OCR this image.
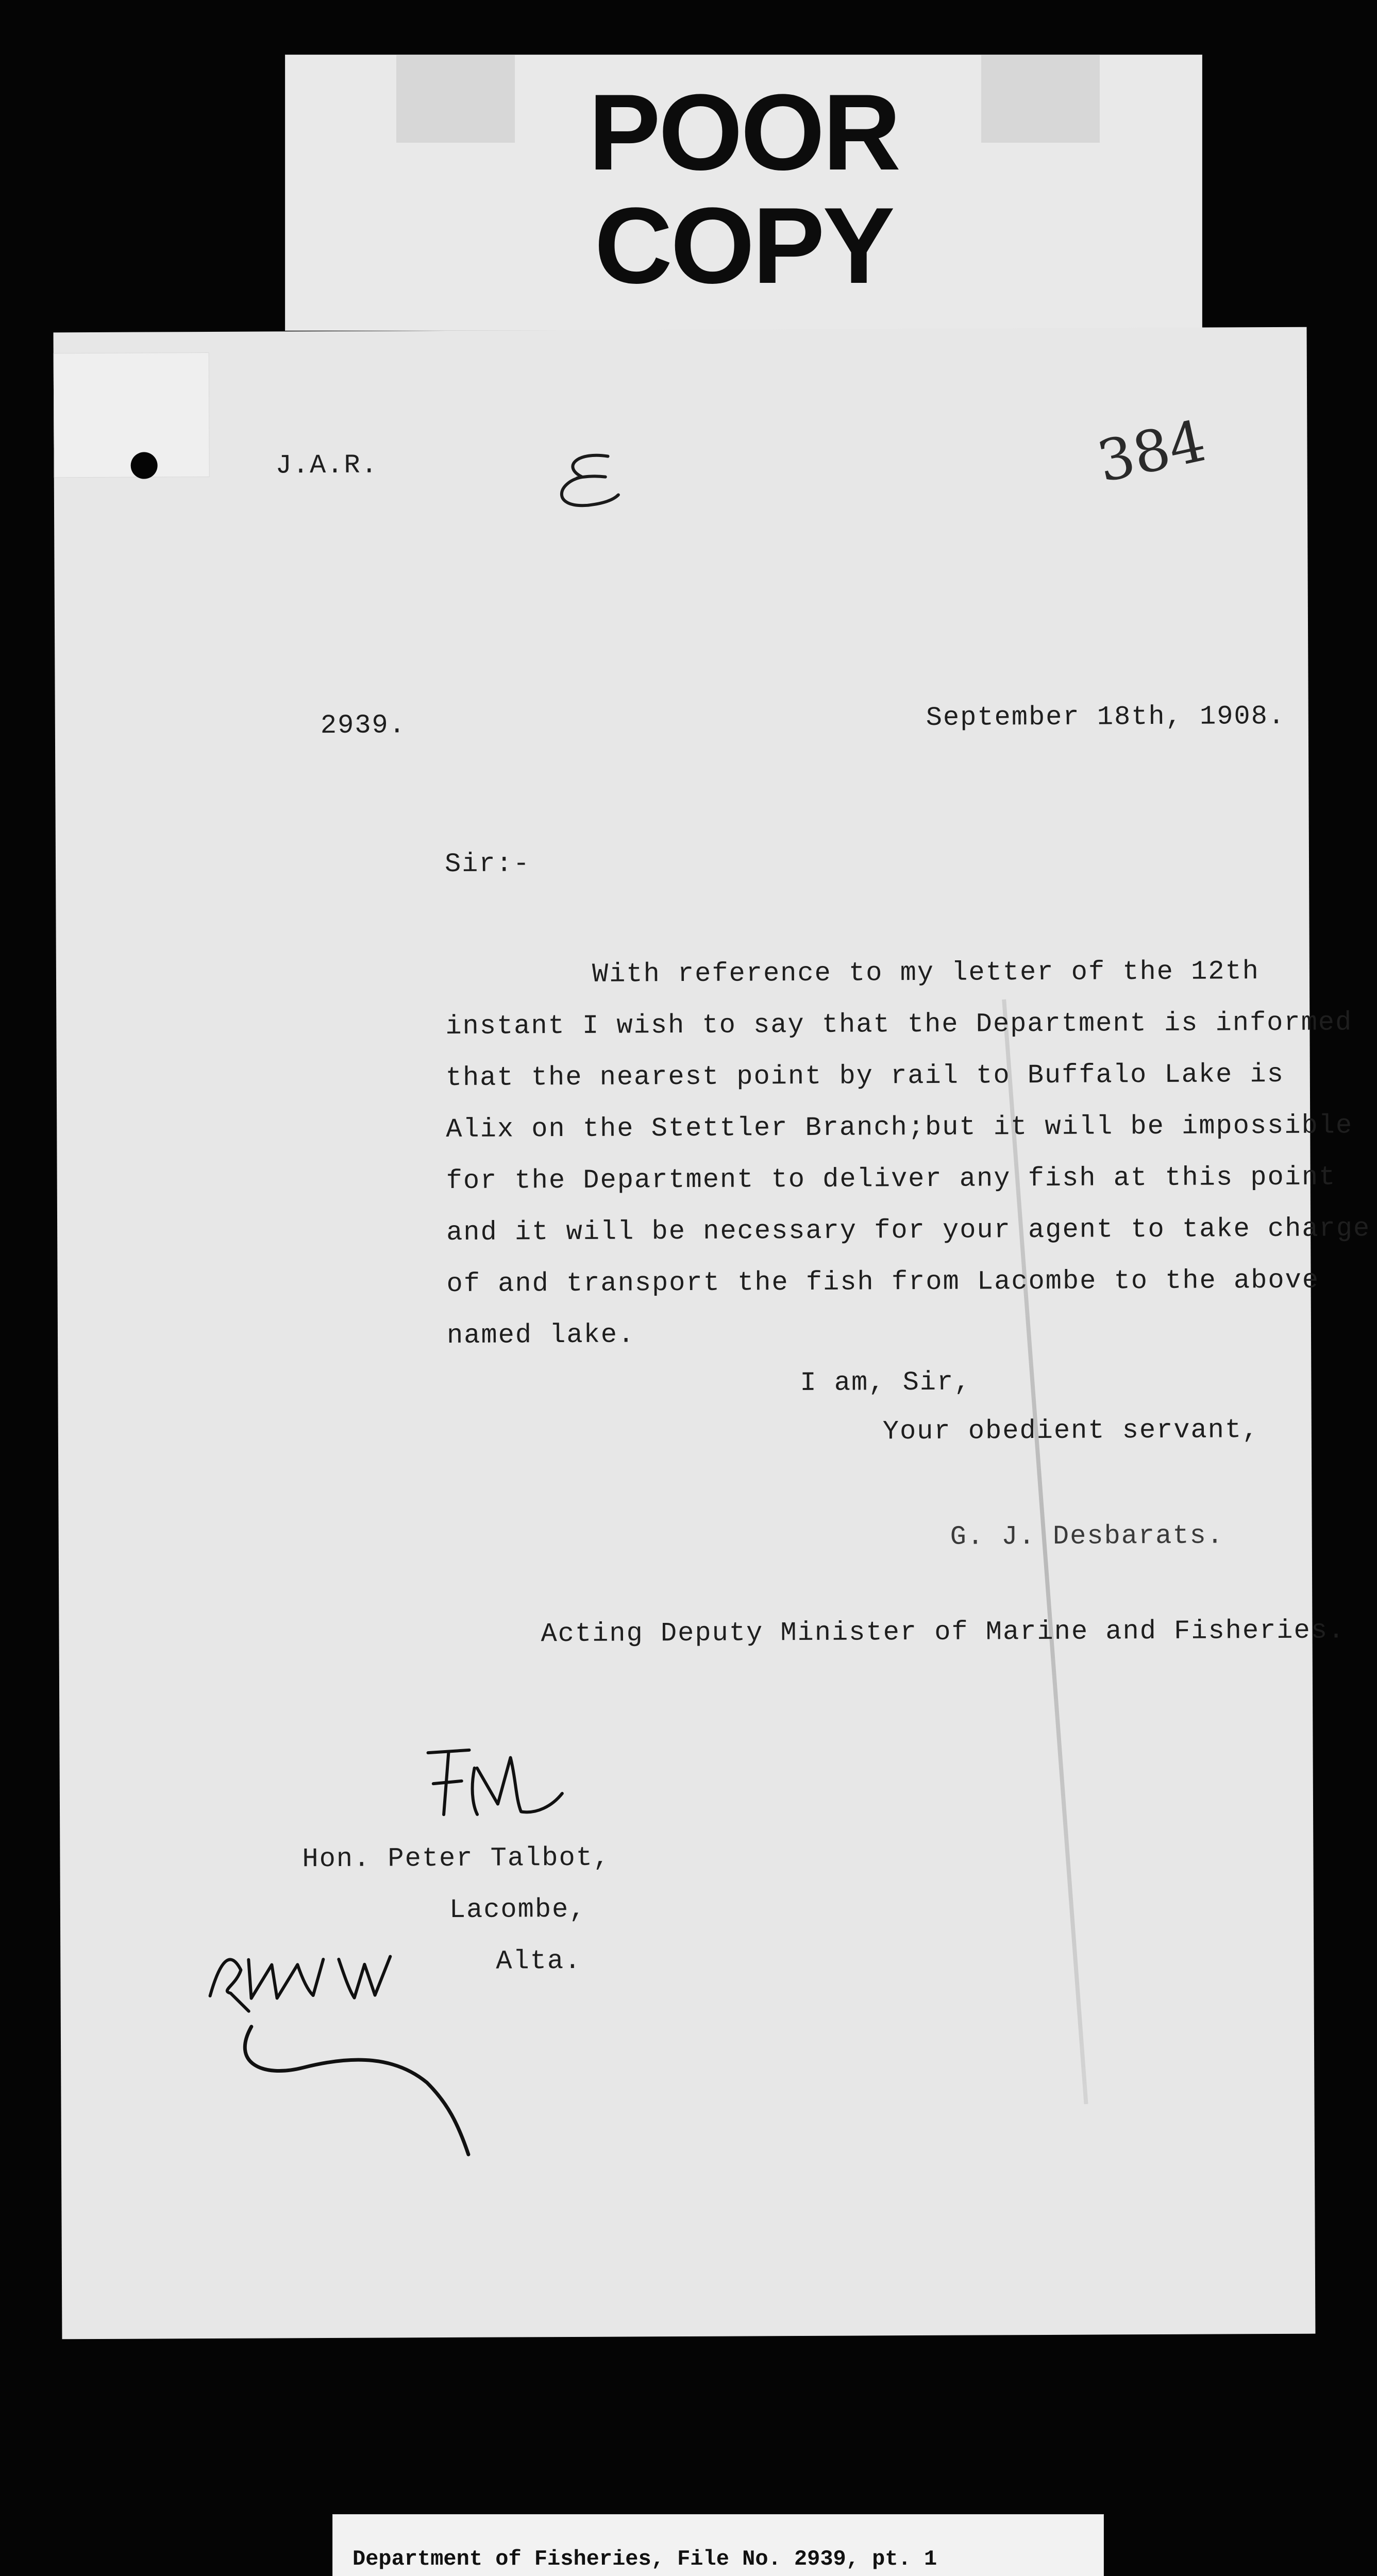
POOR
COPY
J.A.R.	384
2939.	September 18th, 1908.
Sir:-
With reference to my letter of the 12th
instant I wish to say that the Department is informed
that the nearest point by rail to Buffalo Lake is
Alix on the Stettler Branch;but it will be impossible
for the Department to deliver any fish at this point
and it will be necessary for your agent to take charge
of and transport the fish from Lacombe to the above
named lake.
I am, Sir,
Your obedient servant,
G. J. Desbarats.
Acting Deputy Minister of Marine and Fisheries.
Hon. Peter Talbot,
Lacombe,
Alta.
Department of Fisheries, File No. 2939, pt. 1
